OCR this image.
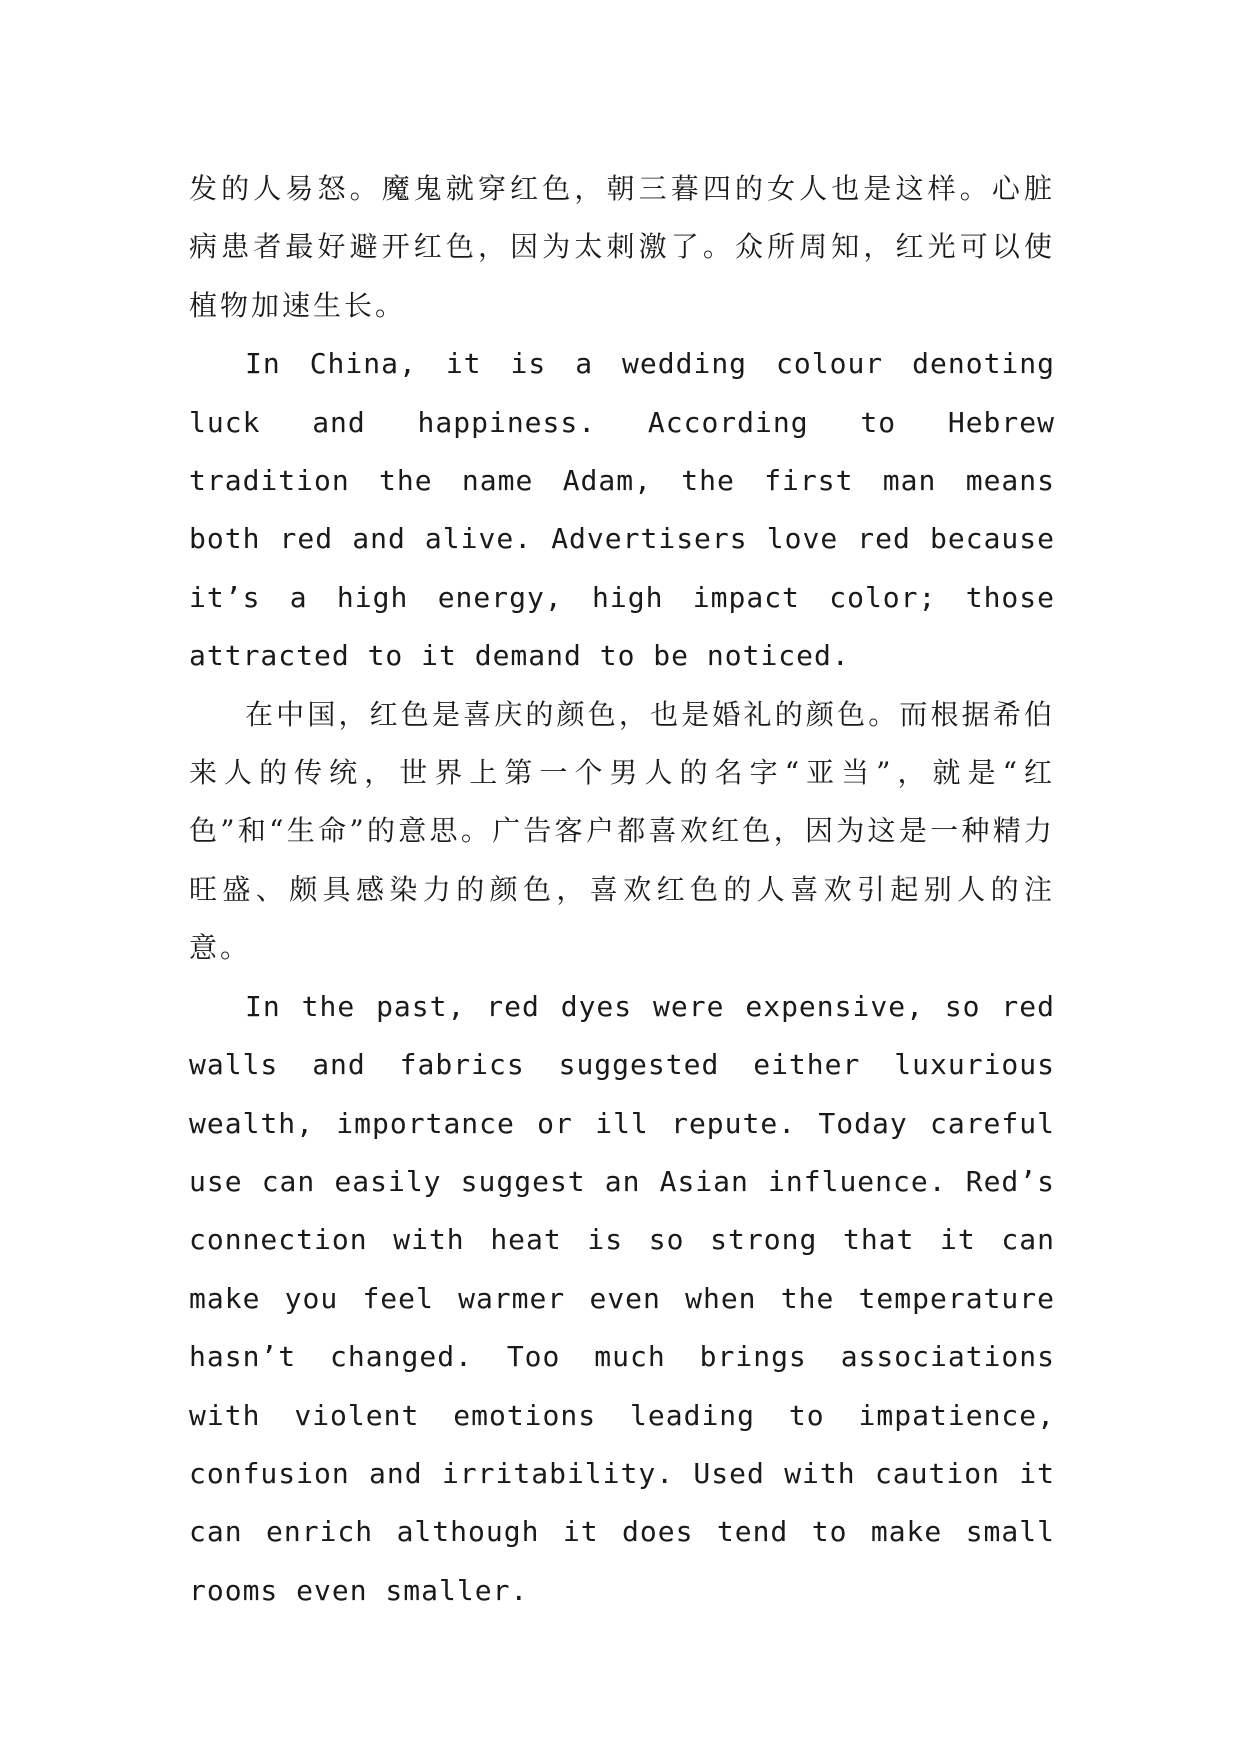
发的人易怒。魔鬼就穿红色，朝三暮四的女人也是这样。心脏病患者最好避开红色，因为太刺激了。众所周知，红光可以使植物加速生长。

In China, it is a wedding colour denoting luck and happiness. According to Hebrew tradition the name Adam, the first man means both red and alive. Advertisers love red because it’s a high energy, high impact color; those attracted to it demand to be noticed.

在中国，红色是喜庆的颜色，也是婚礼的颜色。而根据希伯来人的传统，世界上第一个男人的名字“亚当”，就是“红色”和“生命”的意思。广告客户都喜欢红色，因为这是一种精力旺盛、颇具感染力的颜色，喜欢红色的人喜欢引起别人的注意。

In the past, red dyes were expensive, so red walls and fabrics suggested either luxurious wealth, importance or ill repute. Today careful use can easily suggest an Asian influence. Red’s connection with heat is so strong that it can make you feel warmer even when the temperature hasn’t changed. Too much brings associations with violent emotions leading to impatience, confusion and irritability. Used with caution it can enrich although it does tend to make small rooms even smaller.
